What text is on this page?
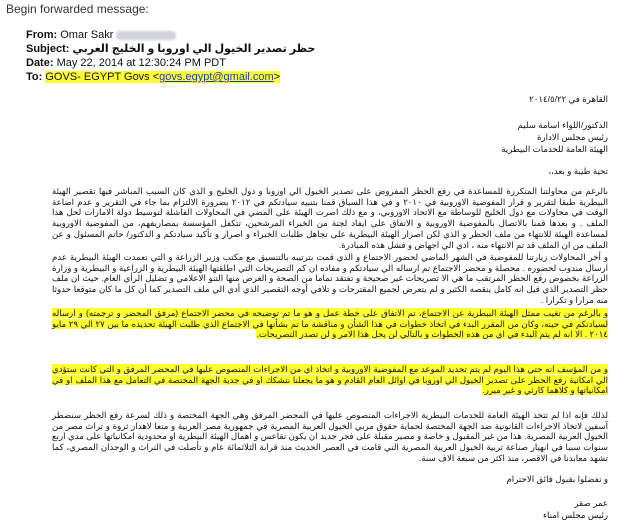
Begin forwarded message:
From: Omar Sakr
Subject: حظر تصدير الخيول الي اوروبا و الخليج العربي
Date: May 22, 2014 at 12:30:24 PM PDT
To: GOVS- EGYPT Govs <govs.egypt@gmail.com>
القاهرة في ٢٠١٤/٥/٢٢
الدكتور/اللواء اسامة سليم
رئيس مجلس الادارة
الهيئة العامة للخدمات البيطرية
تحية طيبة و بعد،،
بالرغم من محاولتنا المتكررة للمساعدة في رفع الحظر المفروض على تصدير الخيول الي اوروبا و دول الخليج و الذي كان السبب المباشر فيها تقصير الهيئة البيطرية طبقا لتقرير و قرار المفوضية الاوروبية في ٢٠١٠ و في هذا السياق قمنا بتنبيه سيادتكم في ٢٠١٢ بضرورة الالتزام بما جاء في التقرير و عدم اضاعة الوقت في محاولات مع دول الخليج للوساطة مع الاتحاد الاوروبي، و مع ذلك اصرت الهيئة على المضي في المحاولات الفاشلة لتوسيط دولة الامارات لحل هذا الملف . و بعدها قمنا بالاتصال بالمفوضية الاوروبية و الاتفاق على ايفاد لجنة من الخبراء المرشحين، تتكفل المؤسسة بمصاريفهم، من المفوضية الاوروبية لمساعدة الهيئة للانتهاء من ملف الحظر و الذي لكن اصرار الهيئة البيطرية على تجاهل طلبات الخبراء و اصرار و تأكيد سيادتكم و الدكتور/ حاتم المسئول و عن الملف من ان الملف قد تم الانتهاء منه ، ادي الي اجهاض و فشل هذه المبادرة.
و أخر المحاولات زيارتنا للمفوضية في الشهر الماضي لحضور الاجتماع و الذي قمت بترتيبه بالتنسيق مع مكتب وزير الزراعة و التي تعمدت الهيئة البيطرية عدم ارسال مندوب لحضوره . محصلة و محضر الاجتماع تم ارساله الي سيادتكم و مفاده ان كم التصريحات التي اطلقتها الهيئة البيطرية و الزراعية و البيطرية و وزارة الزراعة بخصوص رفع الحظر المرتقب ما هي الا تصريحات غير صحيحة و تفتقد تماما من الصحة و الغرض منها التنو الاعلامي و تضليل الرأي العام. حيث ان ملف حظر التصدير الذي قيل انه كامل ينقصه الكثير و لم يتعرض لجميع المقترحات و تلافي أوجه التقصير الذي أدي الي ملف التصدير كما أن كل ما كان متوقعا حدوثا منه مرارا و تكرارا .
و بالرغم من تغيب ممثل الهيئة البيطرية عن الاجتماع، تم الاتفاق على خطة عمل و هو ما تم توضيحه في محضر الاجتماع (مرفق المحضر و ترجمته) و ارساله لسيادتكم في حينه، وكان من المقرر البدء في اتخاذ خطوات في هذا الشأن و مناقشة ما تم بشأنها في الاجتماع الذي طلبت الهيئة تحديده ما بين ٢٧ الي ٢٩ مايو ٢٠١٤ . الا انه لم يتم البدء في اي من هذه الخطوات و بالتالي لن يحل هذا الامر و لن تصدر التصريحات.
و من المؤسف انه حتي هذا اليوم لم يتم تحديد الموعد مع المفوضية الاوروبية و اتخاذ اي من الاجراءات المنصوص عليها في المحضر المرفق و التي كانت ستؤدي الي امكانية رفع الحظر على تصدير الخيول الي اوروبا في اوائل العام القادم و هو ما يجعلنا نتشكك او في جدية الجهة المختصة في التعامل مع هذا الملف او في امكانياتها و كلاهما كارثي و غير مبرر.
لذلك فإنه اذا لم تتخذ الهيئة العامة للخدمات البيطرية الاجراءات المنصوص عليها في المحضر المرفق وهي الجهة المختصة و ذلك لسرعة رفع الحظر سنضطر آسفين لاتخاذ الاجراءات القانونية ضد الجهة المختصة لحماية حقوق مربي الخيول العربية المصرية في جمهورية مصر العربية و منعا لاهدار ثروة و تراث مصر من الخيول العربية المصرية. هذا من غير المقبول و خاصة و مصير مقبلة على فجر جديد ان يكون تقاعس و اهمال الهيئة البيطرية او محدودية امكانياتها على مدي اربع سنوات سببا في انهيار صناعة تربية الخيول العربية المصرية التي قامت في العصر الحديث منذ قرابة الثلاثمائة عام و تأصلت في التراث و الوجدان المصري، كما تشهد معابدنا في الاقصر، منذ اكثر من سبعة الاف سنة.
و تفضلوا بقبول فائق الاحترام
عمر صقر
رئيس مجلس امناء
